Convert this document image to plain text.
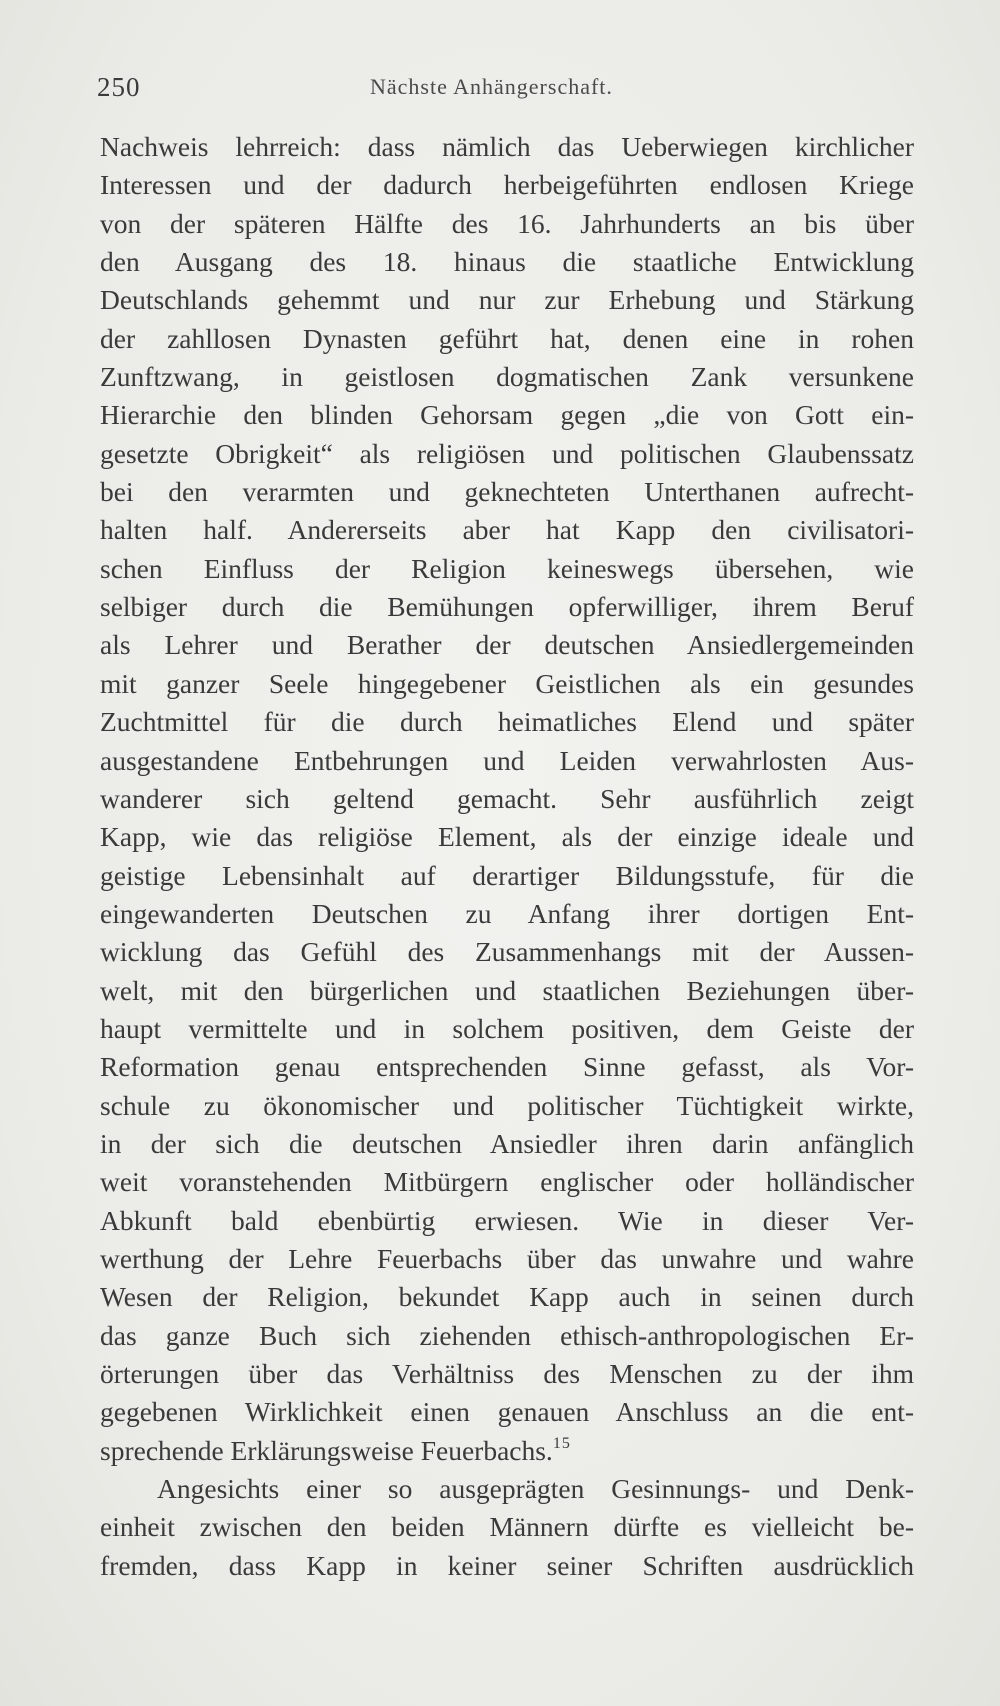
250	Nächste Anhängerschaft.
Nachweis lehrreich: dass nämlich das Ueberwiegen kirchlicher
Interessen und der dadurch herbeigeführten endlosen Kriege
von der späteren Hälfte des 16. Jahrhunderts an bis über
den Ausgang des 18. hinaus die staatliche Entwicklung
Deutschlands gehemmt und nur zur Erhebung und Stärkung
der zahllosen Dynasten geführt hat, denen eine in rohen
Zunftzwang, in geistlosen dogmatischen Zank versunkene
Hierarchie den blinden Gehorsam gegen „die von Gott ein-
gesetzte Obrigkeit“ als religiösen und politischen Glaubenssatz
bei den verarmten und geknechteten Unterthanen aufrecht-
halten half. Andererseits aber hat Kapp den civilisatori-
schen Einfluss der Religion keineswegs übersehen, wie
selbiger durch die Bemühungen opferwilliger, ihrem Beruf
als Lehrer und Berather der deutschen Ansiedlergemeinden
mit ganzer Seele hingegebener Geistlichen als ein gesundes
Zuchtmittel für die durch heimatliches Elend und später
ausgestandene Entbehrungen und Leiden verwahrlosten Aus-
wanderer sich geltend gemacht. Sehr ausführlich zeigt
Kapp, wie das religiöse Element, als der einzige ideale und
geistige Lebensinhalt auf derartiger Bildungsstufe, für die
eingewanderten Deutschen zu Anfang ihrer dortigen Ent-
wicklung das Gefühl des Zusammenhangs mit der Aussen-
welt, mit den bürgerlichen und staatlichen Beziehungen über-
haupt vermittelte und in solchem positiven, dem Geiste der
Reformation genau entsprechenden Sinne gefasst, als Vor-
schule zu ökonomischer und politischer Tüchtigkeit wirkte,
in der sich die deutschen Ansiedler ihren darin anfänglich
weit voranstehenden Mitbürgern englischer oder holländischer
Abkunft bald ebenbürtig erwiesen. Wie in dieser Ver-
werthung der Lehre Feuerbachs über das unwahre und wahre
Wesen der Religion, bekundet Kapp auch in seinen durch
das ganze Buch sich ziehenden ethisch-anthropologischen Er-
örterungen über das Verhältniss des Menschen zu der ihm
gegebenen Wirklichkeit einen genauen Anschluss an die ent-
sprechende Erklärungsweise Feuerbachs.$^{15}$
Angesichts einer so ausgeprägten Gesinnungs- und Denk-
einheit zwischen den beiden Männern dürfte es vielleicht be-
fremden, dass Kapp in keiner seiner Schriften ausdrücklich
